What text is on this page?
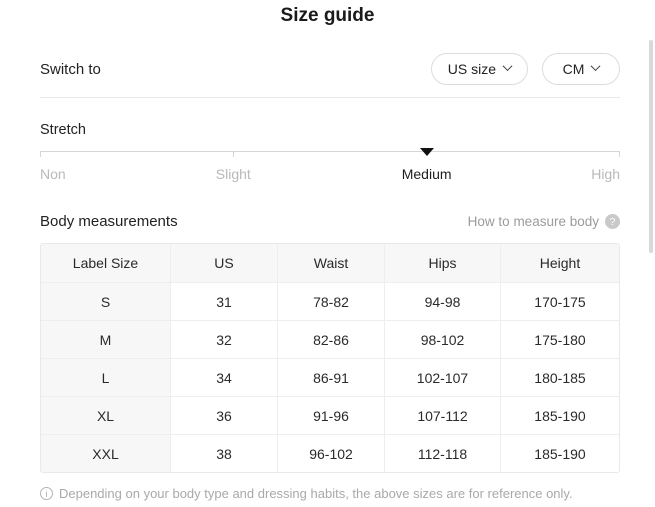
Size guide
Switch to	US size	CM
Stretch
Non	Slight	Medium	High
Body measurements	How to measure body	?
Label Size	US	Waist	Hips	Height
S	31	78-82	94-98	170-175
M	32	82-86	98-102	175-180
L	34	86-91	102-107	180-185
XL	36	91-96	107-112	185-190
XXL	38	96-102	112-118	185-190
i Depending on your body type and dressing habits, the above sizes are for reference only.
